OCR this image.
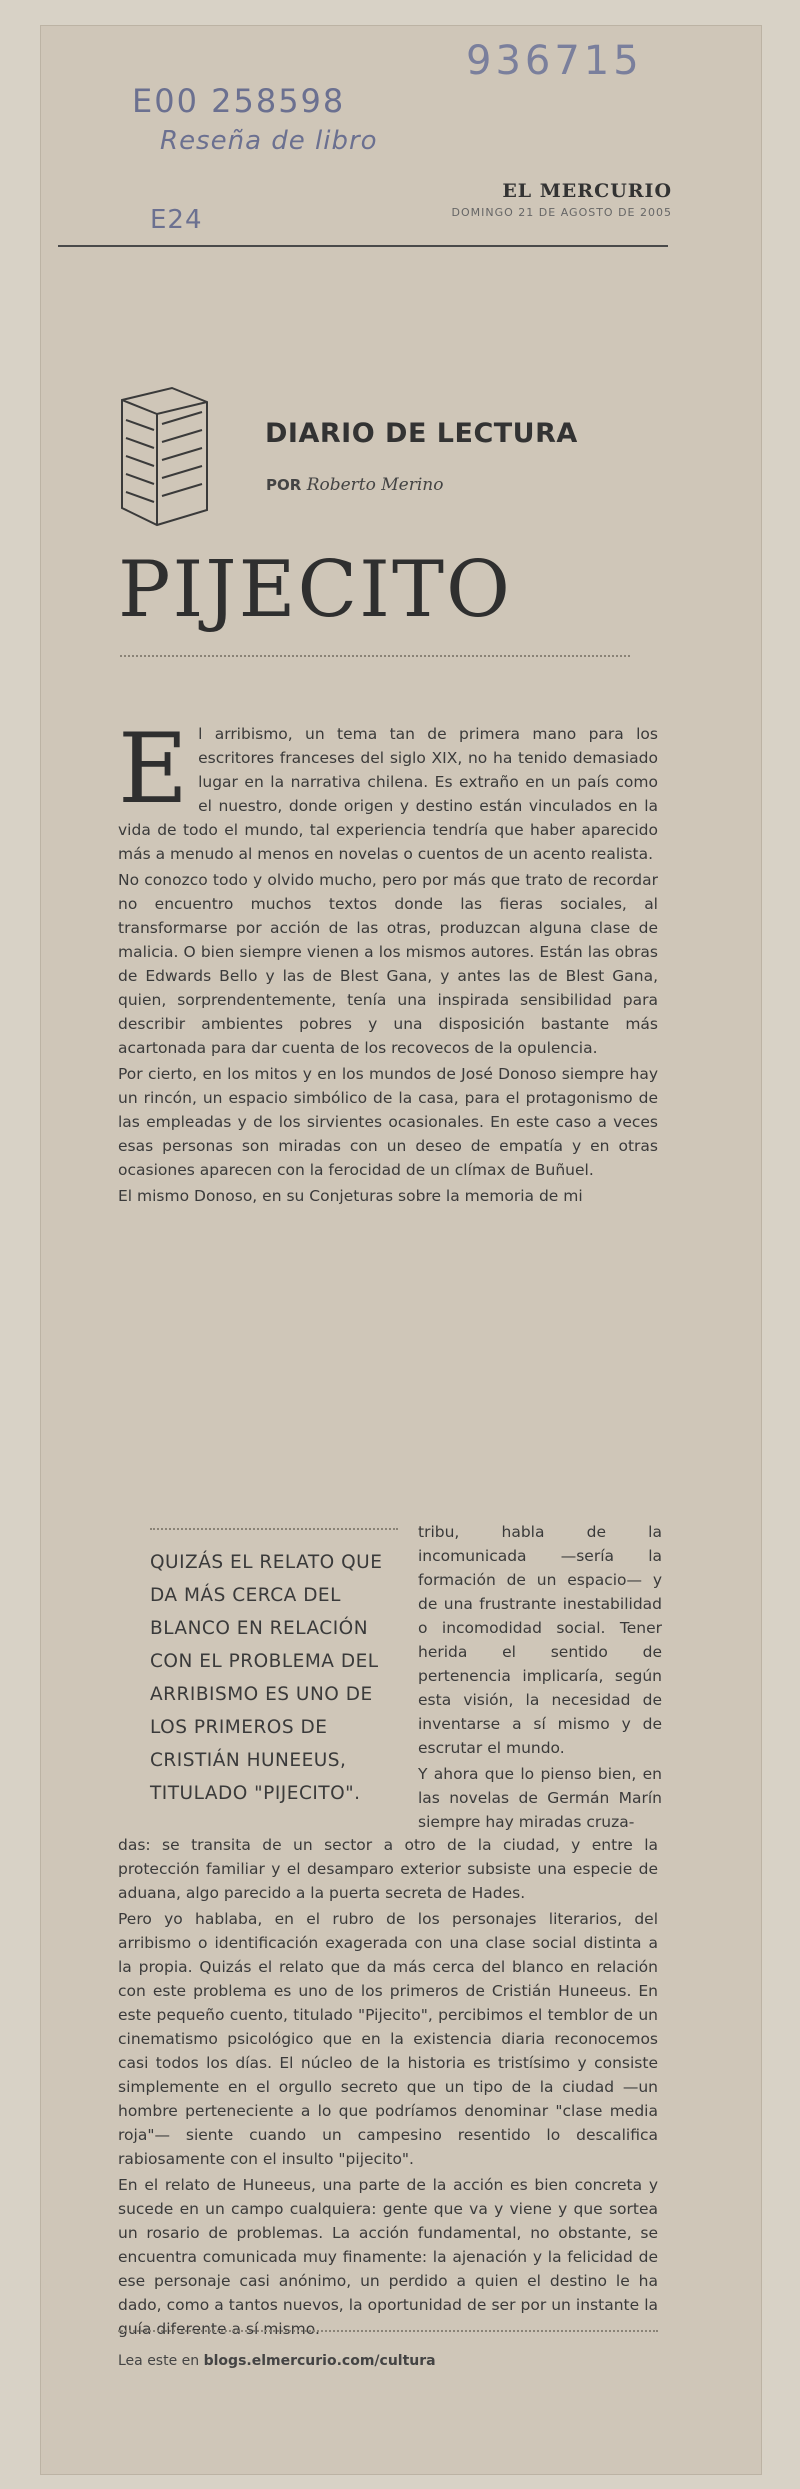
936715
E00 258598
Reseña de libro
E24
EL MERCURIO
DOMINGO 21 DE AGOSTO DE 2005
DIARIO DE LECTURA
POR Roberto Merino
PIJECITO
E l arribismo, un tema tan de primera mano para los escritores franceses del siglo XIX, no ha tenido demasiado lugar en la narrativa chilena. Es extraño en un país como el nuestro, donde origen y destino están vinculados en la vida de todo el mundo, tal experiencia tendría que haber aparecido más a menudo al menos en novelas o cuentos de un acento realista.

No conozco todo y olvido mucho, pero por más que trato de recordar no encuentro muchos textos donde las fieras sociales, al transformarse por acción de las otras, produzcan alguna clase de malicia. O bien siempre vienen a los mismos autores. Están las obras de Edwards Bello y las de Blest Gana, y antes las de Blest Gana, quien, sorprendentemente, tenía una inspirada sensibilidad para describir ambientes pobres y una disposición bastante más acartonada para dar cuenta de los recovecos de la opulencia.

Por cierto, en los mitos y en los mundos de José Donoso siempre hay un rincón, un espacio simbólico de la casa, para el protagonismo de las empleadas y de los sirvientes ocasionales. En este caso a veces esas personas son miradas con un deseo de empatía y en otras ocasiones aparecen con la ferocidad de un clímax de Buñuel.

El mismo Donoso, en su Conjeturas sobre la memoria de mi

QUIZÁS EL RELATO QUE DA MÁS CERCA DEL BLANCO EN RELACIÓN CON EL PROBLEMA DEL ARRIBISMO ES UNO DE LOS PRIMEROS DE CRISTIÁN HUNEEUS, TITULADO "PIJECITO".

tribu, habla de la incomunicada —sería la formación de un espacio— y de una frustrante inestabilidad o incomodidad social. Tener herida el sentido de pertenencia implicaría, según esta visión, la necesidad de inventarse a sí mismo y de escrutar el mundo.

Y ahora que lo pienso bien, en las novelas de Germán Marín siempre hay miradas cruza-

das: se transita de un sector a otro de la ciudad, y entre la protección familiar y el desamparo exterior subsiste una especie de aduana, algo parecido a la puerta secreta de Hades.

Pero yo hablaba, en el rubro de los personajes literarios, del arribismo o identificación exagerada con una clase social distinta a la propia. Quizás el relato que da más cerca del blanco en relación con este problema es uno de los primeros de Cristián Huneeus. En este pequeño cuento, titulado "Pijecito", percibimos el temblor de un cinematismo psicológico que en la existencia diaria reconocemos casi todos los días. El núcleo de la historia es tristísimo y consiste simplemente en el orgullo secreto que un tipo de la ciudad —un hombre perteneciente a lo que podríamos denominar "clase media roja"— siente cuando un campesino resentido lo descalifica rabiosamente con el insulto "pijecito".

En el relato de Huneeus, una parte de la acción es bien concreta y sucede en un campo cualquiera: gente que va y viene y que sortea un rosario de problemas. La acción fundamental, no obstante, se encuentra comunicada muy finamente: la ajenación y la felicidad de ese personaje casi anónimo, un perdido a quien el destino le ha dado, como a tantos nuevos, la oportunidad de ser por un instante la guía diferente a sí mismo.

Lea este en blogs.elmercurio.com/cultura
